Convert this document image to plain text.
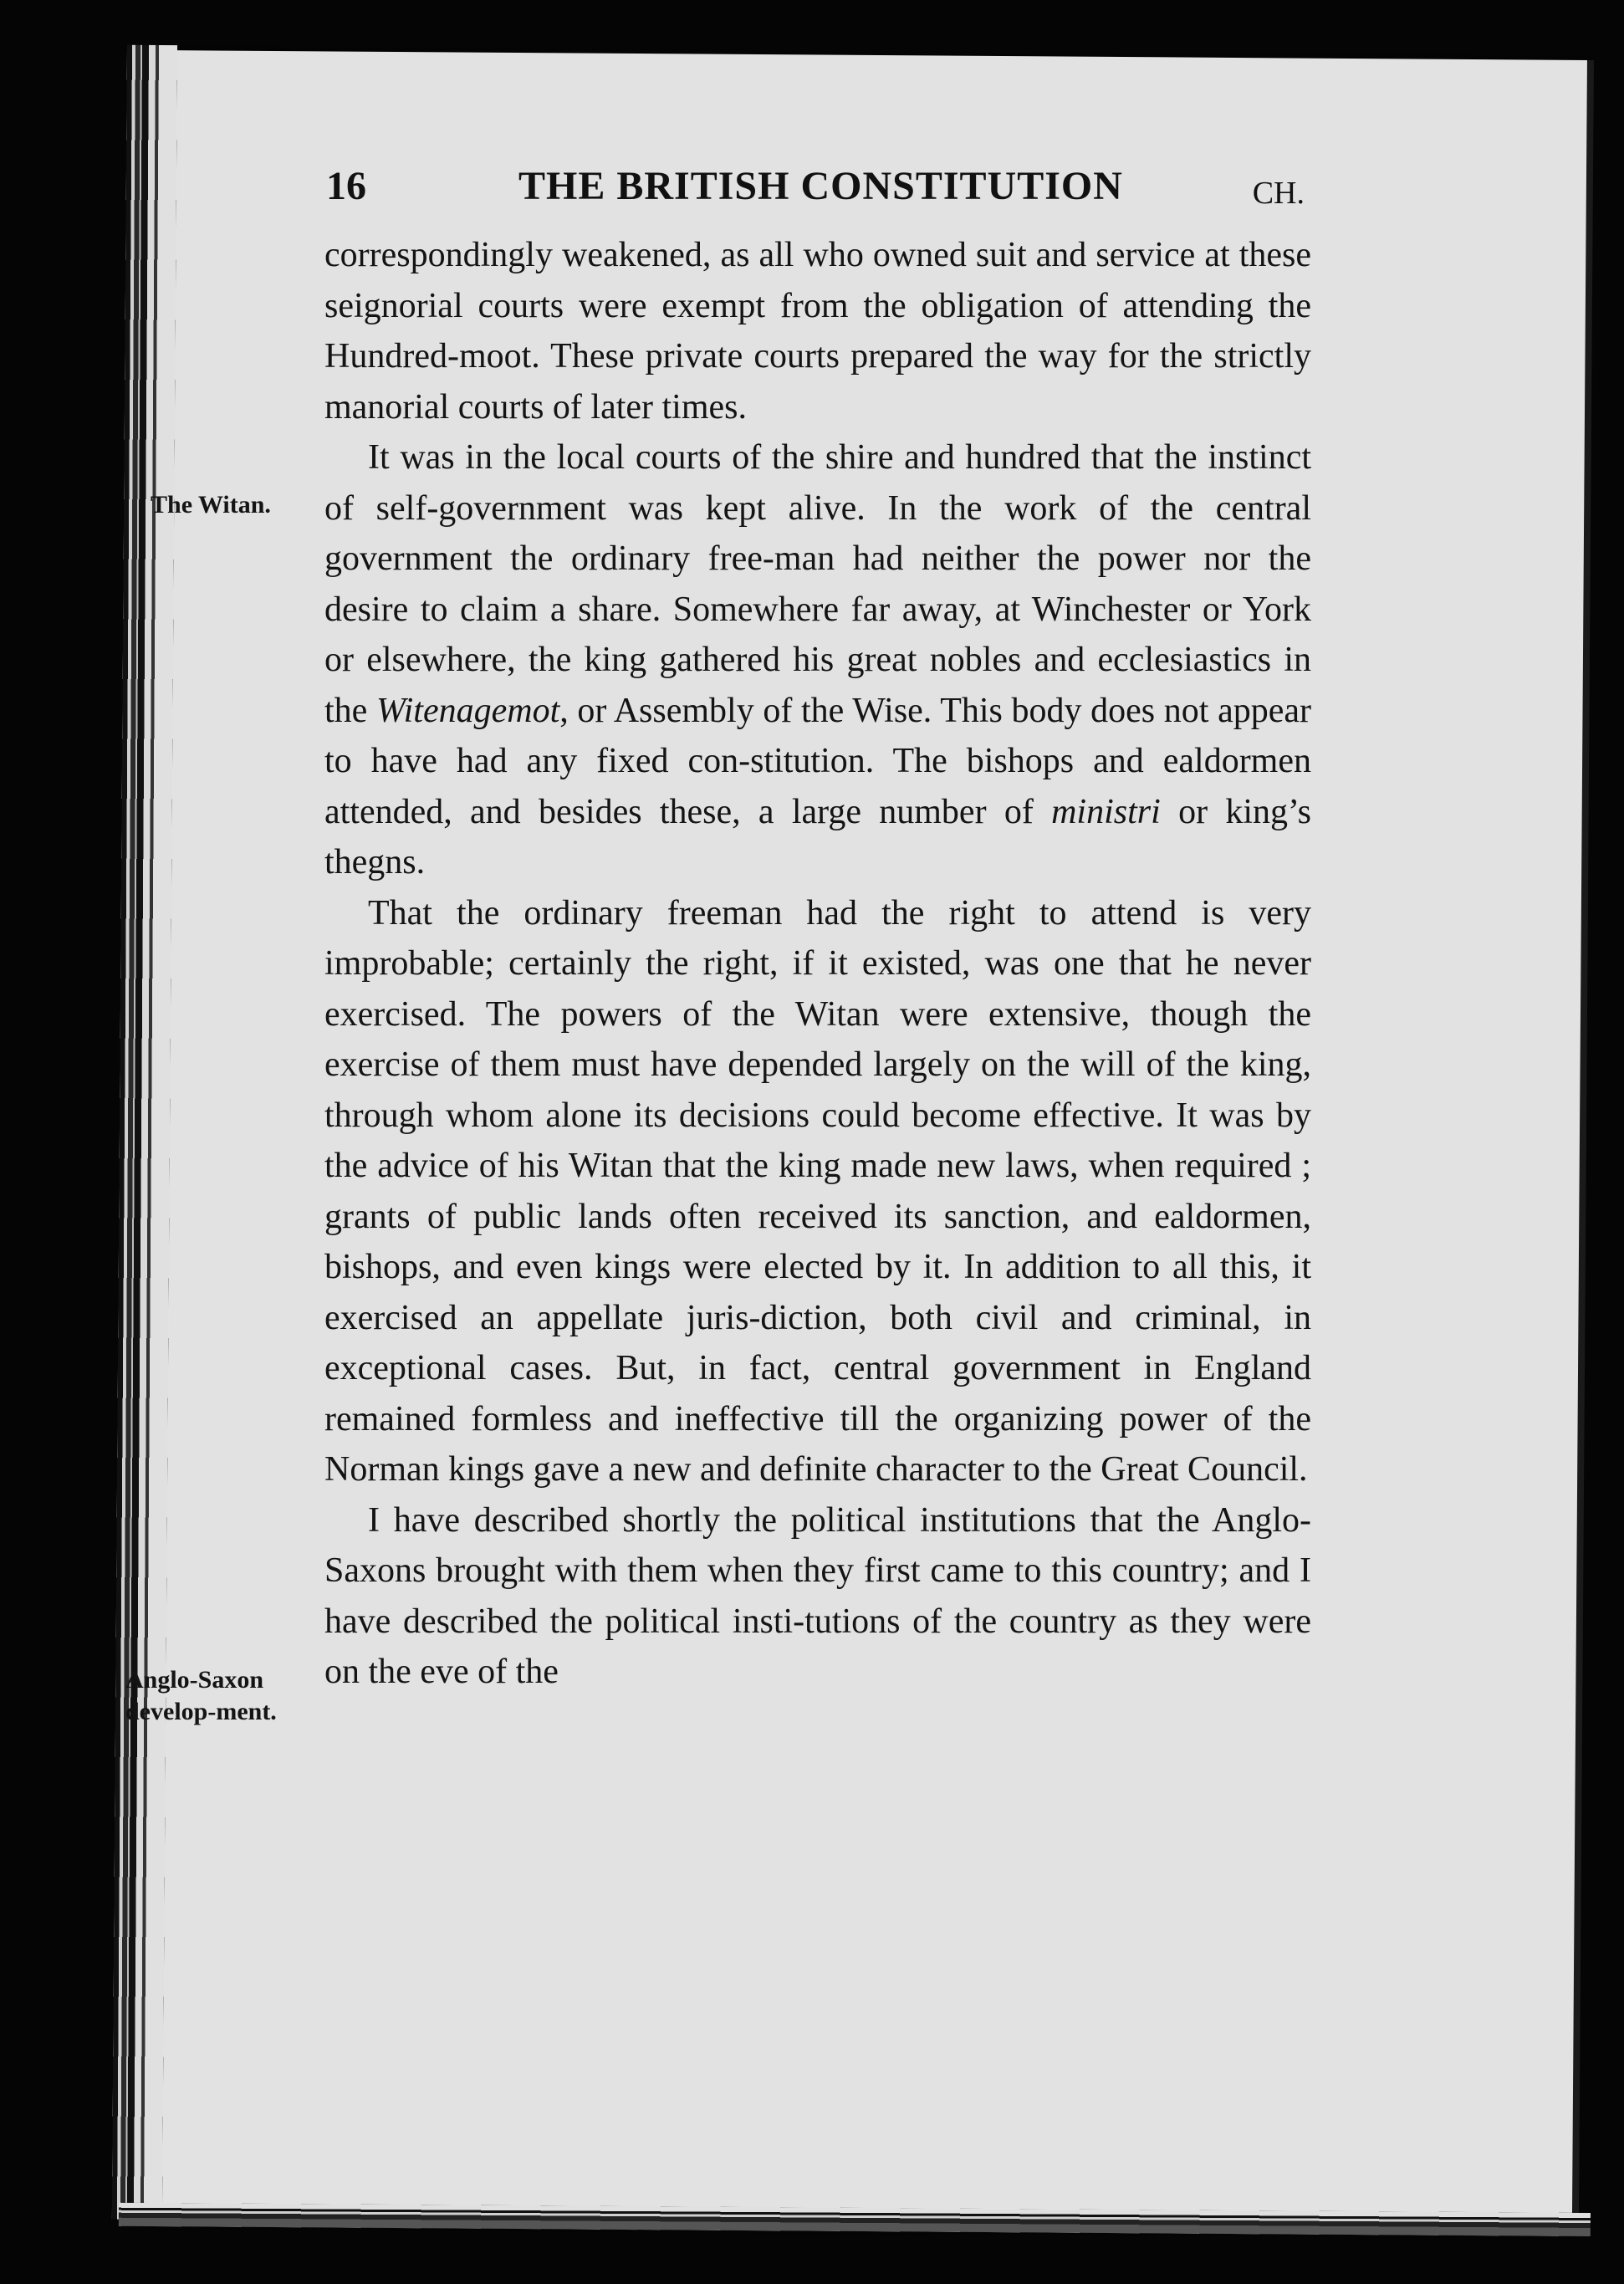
16	THE BRITISH CONSTITUTION	CH.
The Witan.
Anglo-Saxon develop-ment.

correspondingly weakened, as all who owned suit and service at these seignorial courts were exempt from the obligation of attending the Hundred-moot. These private courts prepared the way for the strictly manorial courts of later times.

It was in the local courts of the shire and hundred that the instinct of self-government was kept alive. In the work of the central government the ordinary free-man had neither the power nor the desire to claim a share. Somewhere far away, at Winchester or York or elsewhere, the king gathered his great nobles and ecclesiastics in the Witenagemot, or Assembly of the Wise. This body does not appear to have had any fixed con-stitution. The bishops and ealdormen attended, and besides these, a large number of ministri or king’s thegns.

That the ordinary freeman had the right to attend is very improbable; certainly the right, if it existed, was one that he never exercised. The powers of the Witan were extensive, though the exercise of them must have depended largely on the will of the king, through whom alone its decisions could become effective. It was by the advice of his Witan that the king made new laws, when required ; grants of public lands often received its sanction, and ealdormen, bishops, and even kings were elected by it. In addition to all this, it exercised an appellate juris-diction, both civil and criminal, in exceptional cases. But, in fact, central government in England remained formless and ineffective till the organizing power of the Norman kings gave a new and definite character to the Great Council.

I have described shortly the political institutions that the Anglo-Saxons brought with them when they first came to this country; and I have described the political insti-tutions of the country as they were on the eve of the
